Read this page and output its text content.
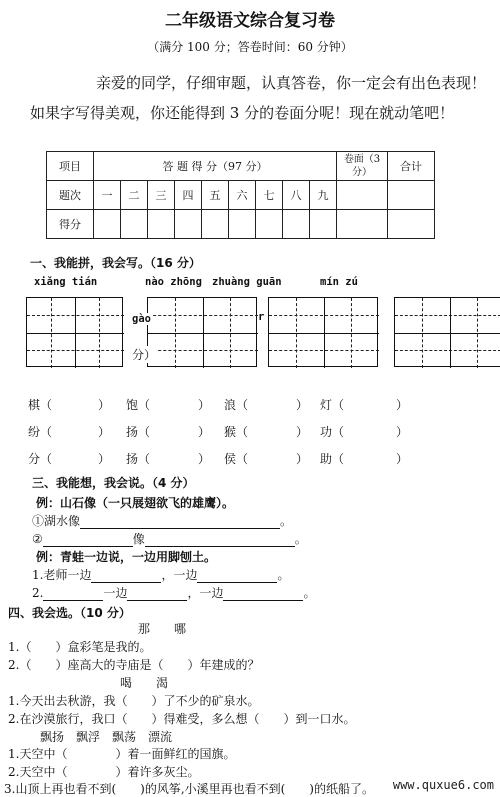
二年级语文综合复习卷
（满分 100 分；答卷时间：60 分钟）
亲爱的同学，仔细审题，认真答卷，你一定会有出色表现！如果字写得美观，你还能得到 3 分的卷面分呢！现在就动笔吧！
项目	答 题 得 分（97 分）									卷面（3 分）	合计
题次	一	二	三	四	五	六	七	八	九		
得分											
一、我能拼，我会写。（16 分）
xiǎng tián	nào zhōng zhuàng guān	mín zú
gào	r
分）
棋（	） 饱（	） 浪（	） 灯（	）
纷（	） 扬（	） 猴（	） 功（	）
分（	） 扬（	） 侯（	） 助（	）
三、我能想，我会说。（4 分）
例：山石像（一只展翅欲飞的雄鹰）。
①湖水像	。
②	像	。
例：青蛙一边说，一边用脚刨土。
1.老师一边	，一边	。
2.	一边	，一边	。
四、我会选。（10 分）
那　　哪
1.（　　）盒彩笔是我的。
2.（　　）座高大的寺庙是（　　）年建成的？
喝　　渴
1.今天出去秋游，我（　　）了不少的矿泉水。
2.在沙漠旅行，我口（　　）得难受，多么想（　　）到一口水。
飘扬　飘浮　飘荡　漂流
1.天空中（　　　　）着一面鲜红的国旗。
2.天空中（　　　　）着许多灰尘。
3.山顶上再也看不到(　　)的风筝,小溪里再也看不到(　　)的纸船了。 www.quxue6.com
